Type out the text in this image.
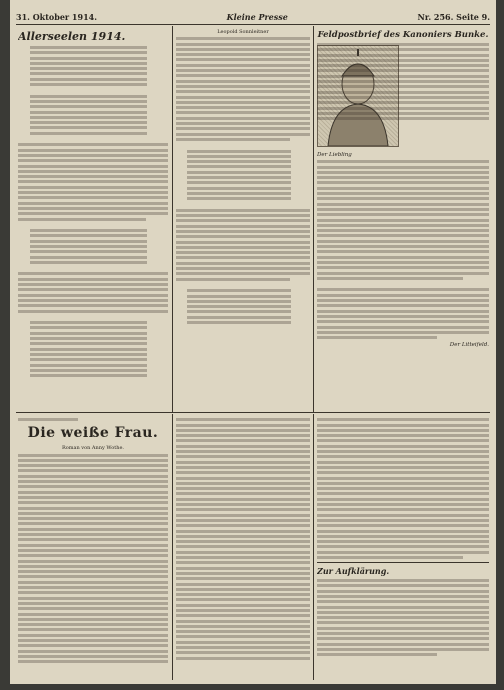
31. Oktober 1914.	Kleine Presse	Nr. 256. Seite 9.
Allerseelen 1914.	Leopold Sonnleitner	Feldpostbrief des Kanoniers Bunke.
Der Liebling
Der Litteifeld.
Die weiße Frau.
Roman von Anny Wothe.
Zur Aufklärung.
